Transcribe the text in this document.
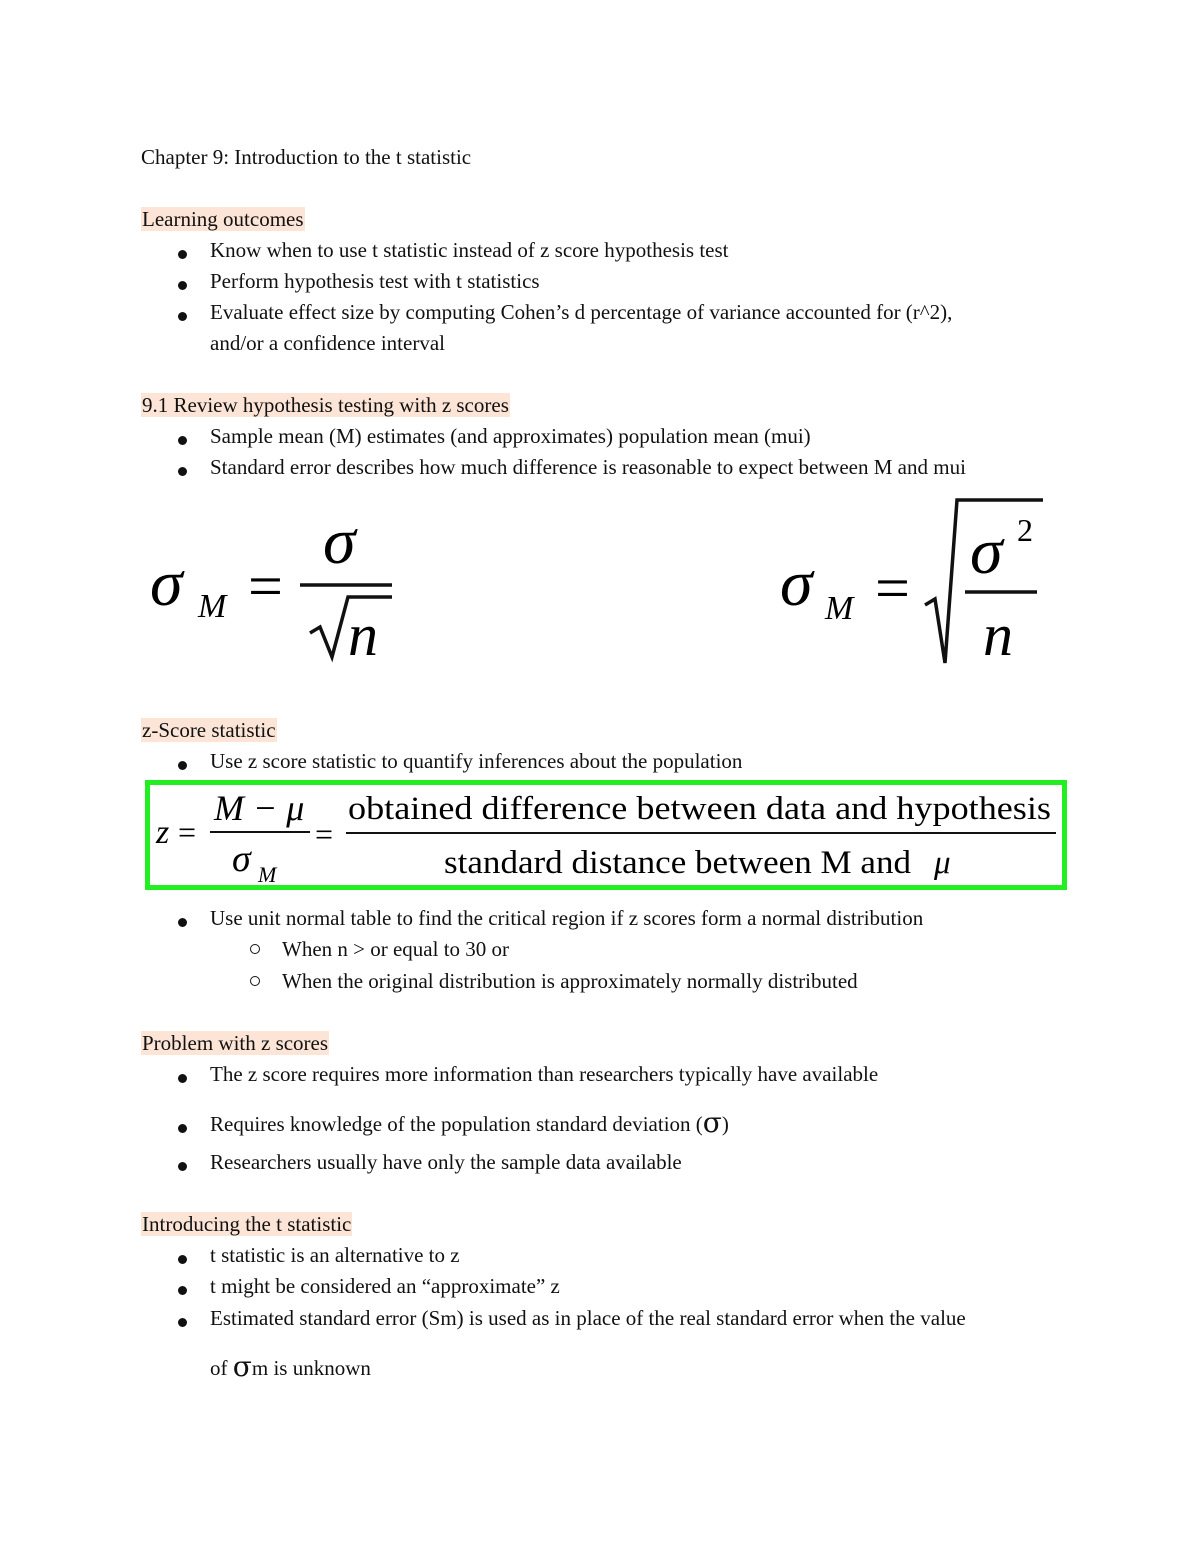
Chapter 9: Introduction to the t statistic
Learning outcomes
Know when to use t statistic instead of z score hypothesis test
Perform hypothesis test with t statistics
Evaluate effect size by computing Cohen’s d percentage of variance accounted for (r^2),
and/or a confidence interval
9.1 Review hypothesis testing with z scores
Sample mean (M) estimates (and approximates) population mean (mui)
Standard error describes how much difference is reasonable to expect between M and mui
σ M =
σ
n
σ M =
σ 2
n
z-Score statistic
Use z score statistic to quantify inferences about the population
z =
M − μ
σ M
=
obtained difference between data and hypothesis
standard distance between M and μ
Use unit normal table to find the critical region if z scores form a normal distribution
When n > or equal to 30 or
When the original distribution is approximately normally distributed
Problem with z scores
The z score requires more information than researchers typically have available
Requires knowledge of the population standard deviation (σ)
Researchers usually have only the sample data available
Introducing the t statistic
t statistic is an alternative to z
t might be considered an “approximate” z
Estimated standard error (Sm) is used as in place of the real standard error when the value
of σm is unknown
